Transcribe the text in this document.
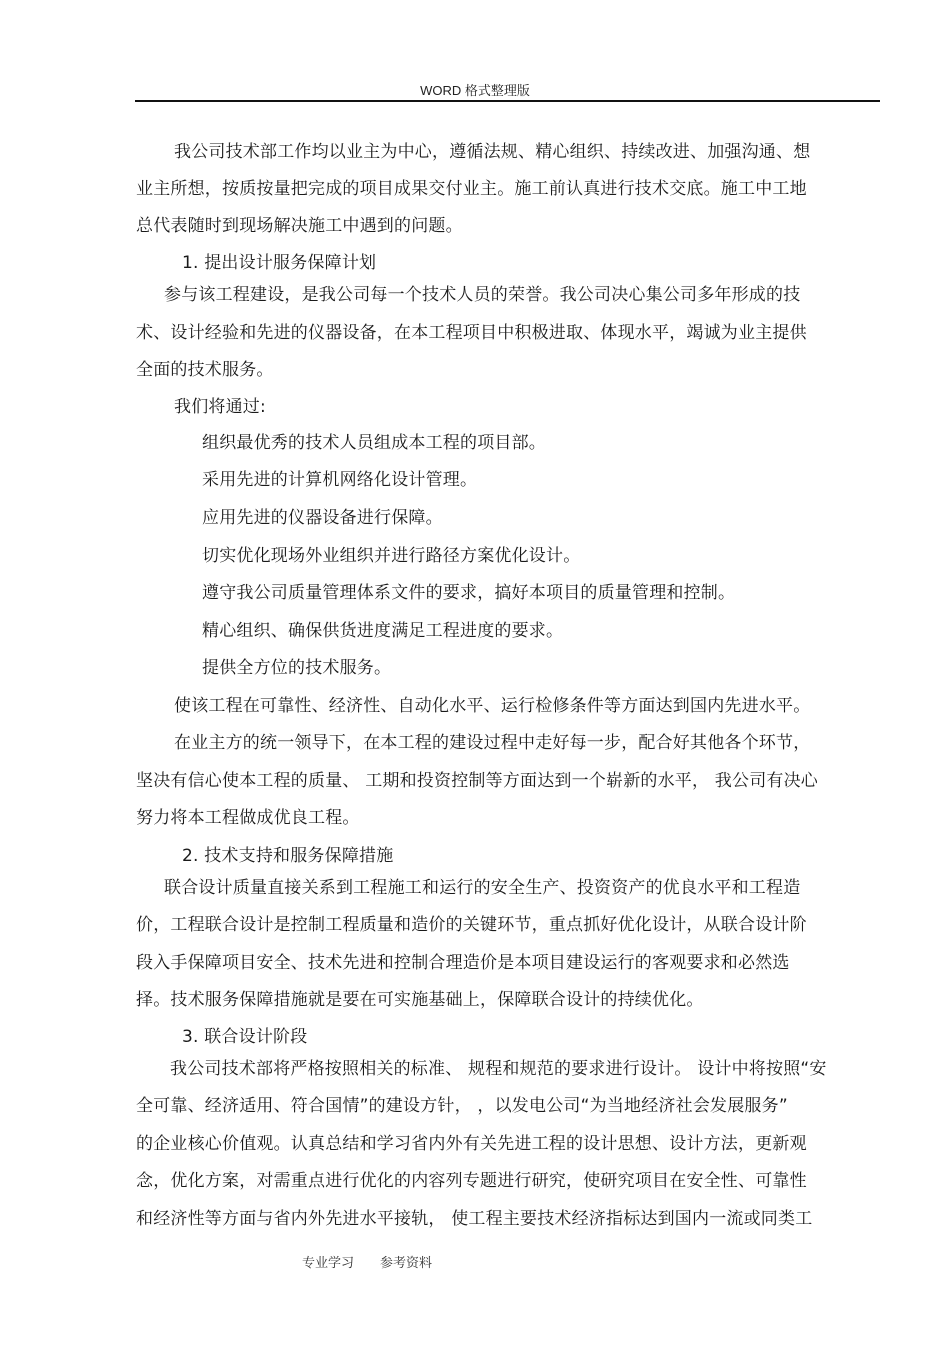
WORD 格式整理版
我公司技术部工作均以业主为中心，遵循法规、精心组织、持续改进、加强沟通、想
业主所想，按质按量把完成的项目成果交付业主。施工前认真进行技术交底。施工中工地
总代表随时到现场解决施工中遇到的问题。
1. 提出设计服务保障计划
参与该工程建设，是我公司每一个技术人员的荣誉。我公司决心集公司多年形成的技
术、设计经验和先进的仪器设备，在本工程项目中积极进取、体现水平，竭诚为业主提供
全面的技术服务。
我们将通过:
组织最优秀的技术人员组成本工程的项目部。
采用先进的计算机网络化设计管理。
应用先进的仪器设备进行保障。
切实优化现场外业组织并进行路径方案优化设计。
遵守我公司质量管理体系文件的要求，搞好本项目的质量管理和控制。
精心组织、确保供货进度满足工程进度的要求。
提供全方位的技术服务。
使该工程在可靠性、经济性、自动化水平、运行检修条件等方面达到国内先进水平。
在业主方的统一领导下，在本工程的建设过程中走好每一步，配合好其他各个环节，
坚决有信心使本工程的质量、 工期和投资控制等方面达到一个崭新的水平， 我公司有决心
努力将本工程做成优良工程。
2. 技术支持和服务保障措施
联合设计质量直接关系到工程施工和运行的安全生产、投资资产的优良水平和工程造
价，工程联合设计是控制工程质量和造价的关键环节，重点抓好优化设计，从联合设计阶
段入手保障项目安全、技术先进和控制合理造价是本项目建设运行的客观要求和必然选
择。技术服务保障措施就是要在可实施基础上，保障联合设计的持续优化。
3. 联合设计阶段
我公司技术部将严格按照相关的标准、 规程和规范的要求进行设计。 设计中将按照“安
全可靠、经济适用、符合国情”的建设方针， ，以发电公司“为当地经济社会发展服务”
的企业核心价值观。认真总结和学习省内外有关先进工程的设计思想、设计方法，更新观
念，优化方案，对需重点进行优化的内容列专题进行研究，使研究项目在安全性、可靠性
和经济性等方面与省内外先进水平接轨， 使工程主要技术经济指标达到国内一流或同类工
专业学习 参考资料
